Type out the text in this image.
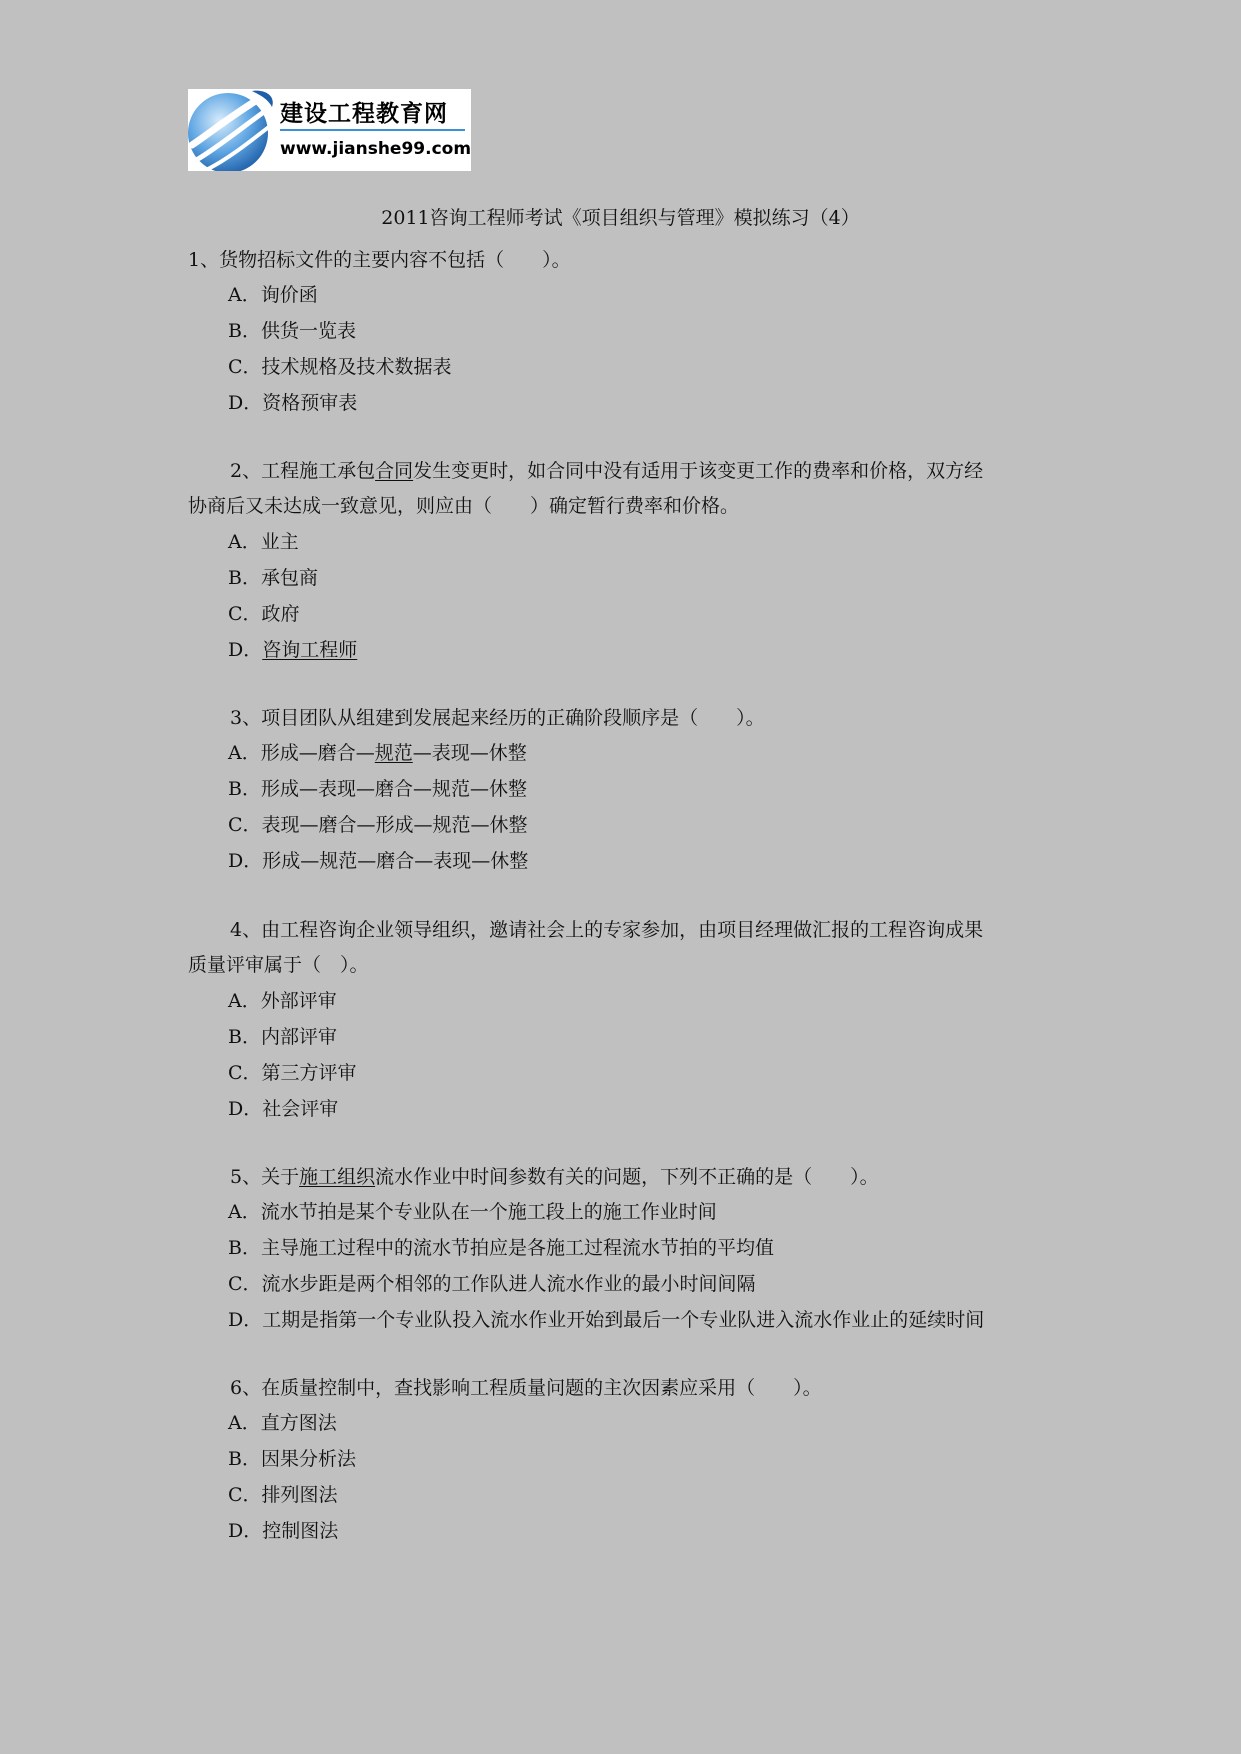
建设工程教育网
www.jianshe99.com
2011咨询工程师考试《项目组织与管理》模拟练习（4）
1、货物招标文件的主要内容不包括（　　）。
A．询价函
B．供货一览表
C．技术规格及技术数据表
D．资格预审表
2、工程施工承包合同发生变更时，如合同中没有适用于该变更工作的费率和价格，双方经
协商后又未达成一致意见，则应由（　　）确定暂行费率和价格。
A．业主
B．承包商
C．政府
D．咨询工程师
3、项目团队从组建到发展起来经历的正确阶段顺序是（　　）。
A．形成—磨合—规范—表现—休整
B．形成—表现—磨合—规范—休整
C．表现—磨合—形成—规范—休整
D．形成—规范—磨合—表现—休整
4、由工程咨询企业领导组织，邀请社会上的专家参加，由项目经理做汇报的工程咨询成果
质量评审属于（　）。
A．外部评审
B．内部评审
C．第三方评审
D．社会评审
5、关于施工组织流水作业中时间参数有关的问题，下列不正确的是（　　）。
A．流水节拍是某个专业队在一个施工段上的施工作业时间
B．主导施工过程中的流水节拍应是各施工过程流水节拍的平均值
C．流水步距是两个相邻的工作队进人流水作业的最小时间间隔
D．工期是指第一个专业队投入流水作业开始到最后一个专业队进入流水作业止的延续时间
6、在质量控制中，查找影响工程质量问题的主次因素应采用（　　）。
A．直方图法
B．因果分析法
C．排列图法
D．控制图法
